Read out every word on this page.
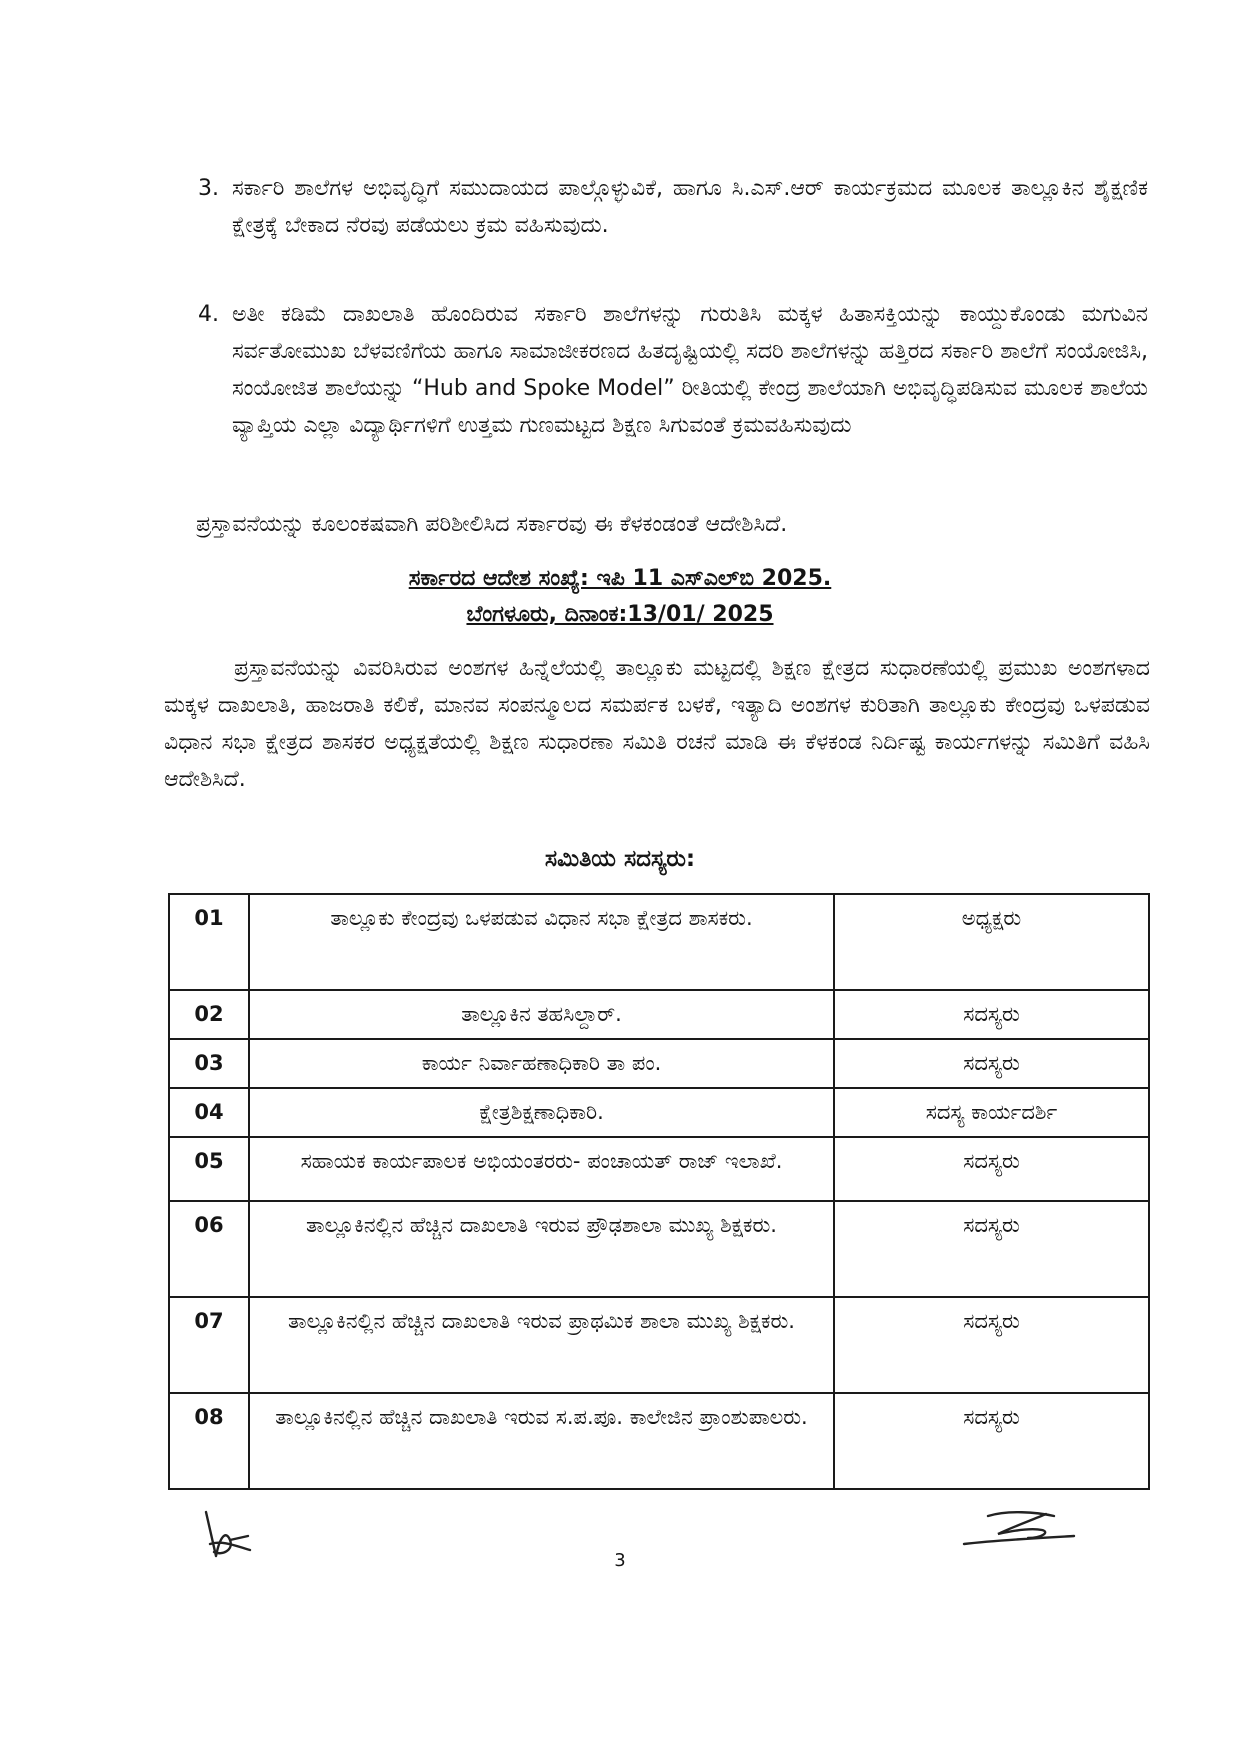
3. ಸರ್ಕಾರಿ ಶಾಲೆಗಳ ಅಭಿವೃದ್ಧಿಗೆ ಸಮುದಾಯದ ಪಾಲ್ಗೊಳ್ಳುವಿಕೆ, ಹಾಗೂ ಸಿ.ಎಸ್.ಆರ್ ಕಾರ್ಯಕ್ರಮದ ಮೂಲಕ ತಾಲ್ಲೂಕಿನ ಶೈಕ್ಷಣಿಕ ಕ್ಷೇತ್ರಕ್ಕೆ ಬೇಕಾದ ನೆರವು ಪಡೆಯಲು ಕ್ರಮ ವಹಿಸುವುದು.
4. ಅತೀ ಕಡಿಮೆ ದಾಖಲಾತಿ ಹೊಂದಿರುವ ಸರ್ಕಾರಿ ಶಾಲೆಗಳನ್ನು ಗುರುತಿಸಿ ಮಕ್ಕಳ ಹಿತಾಸಕ್ತಿಯನ್ನು ಕಾಯ್ದುಕೊಂಡು ಮಗುವಿನ ಸರ್ವತೋಮುಖ ಬೆಳವಣಿಗೆಯ ಹಾಗೂ ಸಾಮಾಜೀಕರಣದ ಹಿತದೃಷ್ಟಿಯಲ್ಲಿ ಸದರಿ ಶಾಲೆಗಳನ್ನು ಹತ್ತಿರದ ಸರ್ಕಾರಿ ಶಾಲೆಗೆ ಸಂಯೋಜಿಸಿ, ಸಂಯೋಜಿತ ಶಾಲೆಯನ್ನು “Hub and Spoke Model” ರೀತಿಯಲ್ಲಿ ಕೇಂದ್ರ ಶಾಲೆಯಾಗಿ ಅಭಿವೃದ್ಧಿಪಡಿಸುವ ಮೂಲಕ ಶಾಲೆಯ ವ್ಯಾಪ್ತಿಯ ಎಲ್ಲಾ ವಿದ್ಯಾರ್ಥಿಗಳಿಗೆ ಉತ್ತಮ ಗುಣಮಟ್ಟದ ಶಿಕ್ಷಣ ಸಿಗುವಂತೆ ಕ್ರಮವಹಿಸುವುದು
ಪ್ರಸ್ತಾವನೆಯನ್ನು ಕೂಲಂಕಷವಾಗಿ ಪರಿಶೀಲಿಸಿದ ಸರ್ಕಾರವು ಈ ಕೆಳಕಂಡಂತೆ ಆದೇಶಿಸಿದೆ.
ಸರ್ಕಾರದ ಆದೇಶ ಸಂಖ್ಯೆ: ಇಪಿ 11 ಎಸ್‌ಎಲ್‌ಬಿ 2025.
ಬೆಂಗಳೂರು, ದಿನಾಂಕ:13/01/ 2025
ಪ್ರಸ್ತಾವನೆಯನ್ನು ವಿವರಿಸಿರುವ ಅಂಶಗಳ ಹಿನ್ನೆಲೆಯಲ್ಲಿ ತಾಲ್ಲೂಕು ಮಟ್ಟದಲ್ಲಿ ಶಿಕ್ಷಣ ಕ್ಷೇತ್ರದ ಸುಧಾರಣೆಯಲ್ಲಿ ಪ್ರಮುಖ ಅಂಶಗಳಾದ ಮಕ್ಕಳ ದಾಖಲಾತಿ, ಹಾಜರಾತಿ ಕಲಿಕೆ, ಮಾನವ ಸಂಪನ್ಮೂಲದ ಸಮರ್ಪಕ ಬಳಕೆ, ಇತ್ಯಾದಿ ಅಂಶಗಳ ಕುರಿತಾಗಿ ತಾಲ್ಲೂಕು ಕೇಂದ್ರವು ಒಳಪಡುವ ವಿಧಾನ ಸಭಾ ಕ್ಷೇತ್ರದ ಶಾಸಕರ ಅಧ್ಯಕ್ಷತೆಯಲ್ಲಿ ಶಿಕ್ಷಣ ಸುಧಾರಣಾ ಸಮಿತಿ ರಚನೆ ಮಾಡಿ ಈ ಕೆಳಕಂಡ ನಿರ್ದಿಷ್ಟ ಕಾರ್ಯಗಳನ್ನು ಸಮಿತಿಗೆ ವಹಿಸಿ ಆದೇಶಿಸಿದೆ.
ಸಮಿತಿಯ ಸದಸ್ಯರು:
01	ತಾಲ್ಲೂಕು ಕೇಂದ್ರವು ಒಳಪಡುವ ವಿಧಾನ ಸಭಾ ಕ್ಷೇತ್ರದ ಶಾಸಕರು.	ಅಧ್ಯಕ್ಷರು
02	ತಾಲ್ಲೂಕಿನ ತಹಸಿಲ್ದಾರ್.	ಸದಸ್ಯರು
03	ಕಾರ್ಯ ನಿರ್ವಾಹಣಾಧಿಕಾರಿ ತಾ ಪಂ.	ಸದಸ್ಯರು
04	ಕ್ಷೇತ್ರಶಿಕ್ಷಣಾಧಿಕಾರಿ.	ಸದಸ್ಯ ಕಾರ್ಯದರ್ಶಿ
05	ಸಹಾಯಕ ಕಾರ್ಯಪಾಲಕ ಅಭಿಯಂತರರು- ಪಂಚಾಯತ್ ರಾಜ್ ಇಲಾಖೆ.	ಸದಸ್ಯರು
06	ತಾಲ್ಲೂಕಿನಲ್ಲಿನ ಹೆಚ್ಚಿನ ದಾಖಲಾತಿ ಇರುವ ಪ್ರೌಢಶಾಲಾ ಮುಖ್ಯ ಶಿಕ್ಷಕರು.	ಸದಸ್ಯರು
07	ತಾಲ್ಲೂಕಿನಲ್ಲಿನ ಹೆಚ್ಚಿನ ದಾಖಲಾತಿ ಇರುವ ಪ್ರಾಥಮಿಕ ಶಾಲಾ ಮುಖ್ಯ ಶಿಕ್ಷಕರು.	ಸದಸ್ಯರು
08	ತಾಲ್ಲೂಕಿನಲ್ಲಿನ ಹೆಚ್ಚಿನ ದಾಖಲಾತಿ ಇರುವ ಸ.ಪ.ಪೂ. ಕಾಲೇಜಿನ ಪ್ರಾಂಶುಪಾಲರು.	ಸದಸ್ಯರು
3
